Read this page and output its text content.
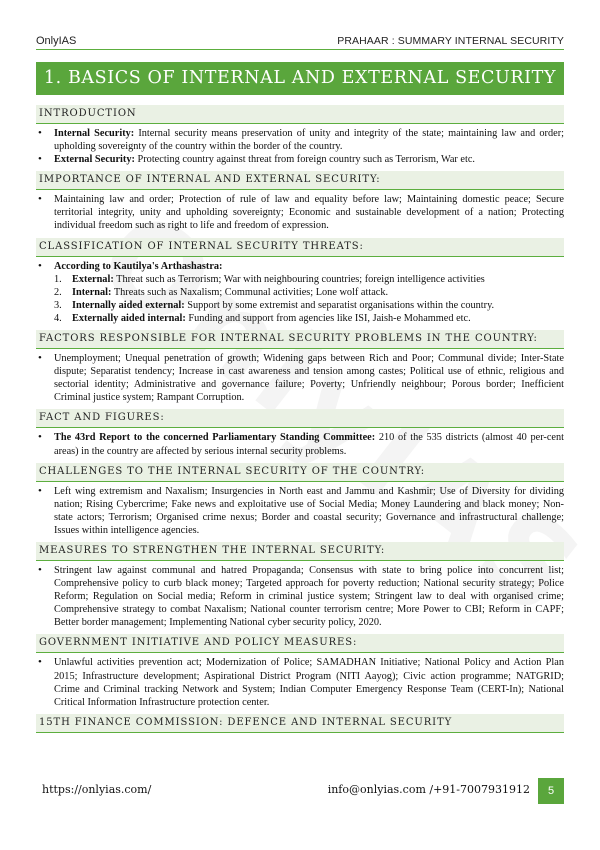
OnlyIAS	PRAHAAR : SUMMARY INTERNAL SECURITY
1. BASICS OF INTERNAL AND EXTERNAL SECURITY
INTRODUCTION
• Internal Security: Internal security means preservation of unity and integrity of the state; maintaining law and order; upholding sovereignty of the country within the border of the country.
• External Security: Protecting country against threat from foreign country such as Terrorism, War etc.
IMPORTANCE OF INTERNAL AND EXTERNAL SECURITY:
• Maintaining law and order; Protection of rule of law and equality before law; Maintaining domestic peace; Secure territorial integrity, unity and upholding sovereignty; Economic and sustainable development of a nation; Protecting individual freedom such as right to life and freedom of expression.
CLASSIFICATION OF INTERNAL SECURITY THREATS:
• According to Kautilya's Arthashastra:
1. External: Threat such as Terrorism; War with neighbouring countries; foreign intelligence activities
2. Internal: Threats such as Naxalism; Communal activities; Lone wolf attack.
3. Internally aided external: Support by some extremist and separatist organisations within the country.
4. Externally aided internal: Funding and support from agencies like ISI, Jaish-e Mohammed etc.
FACTORS RESPONSIBLE FOR INTERNAL SECURITY PROBLEMS IN THE COUNTRY:
• Unemployment; Unequal penetration of growth; Widening gaps between Rich and Poor; Communal divide; Inter-State dispute; Separatist tendency; Increase in cast awareness and tension among castes; Political use of ethnic, religious and sectorial identity; Administrative and governance failure; Poverty; Unfriendly neighbour; Porous border; Inefficient Criminal justice system; Rampant Corruption.
FACT AND FIGURES:
• The 43rd Report to the concerned Parliamentary Standing Committee: 210 of the 535 districts (almost 40 per-cent areas) in the country are affected by serious internal security problems.
CHALLENGES TO THE INTERNAL SECURITY OF THE COUNTRY:
• Left wing extremism and Naxalism; Insurgencies in North east and Jammu and Kashmir; Use of Diversity for dividing nation; Rising Cybercrime; Fake news and exploitative use of Social Media; Money Laundering and black money; Non-state actors; Terrorism; Organised crime nexus; Border and coastal security; Governance and infrastructural challenge; Issues within intelligence agencies.
MEASURES TO STRENGTHEN THE INTERNAL SECURITY:
• Stringent law against communal and hatred Propaganda; Consensus with state to bring police into concurrent list; Comprehensive policy to curb black money; Targeted approach for poverty reduction; National security strategy; Police Reform; Regulation on Social media; Reform in criminal justice system; Stringent law to deal with organised crime; Comprehensive strategy to combat Naxalism; National counter terrorism centre; More Power to CBI; Reform in CAPF; Better border management; Implementing National cyber security policy, 2020.
GOVERNMENT INITIATIVE AND POLICY MEASURES:
• Unlawful activities prevention act; Modernization of Police; SAMADHAN Initiative; National Policy and Action Plan 2015; Infrastructure development; Aspirational District Program (NITI Aayog); Civic action programme; NATGRID; Crime and Criminal tracking Network and System; Indian Computer Emergency Response Team (CERT-In); National Critical Information Infrastructure protection center.
15TH FINANCE COMMISSION: DEFENCE AND INTERNAL SECURITY
https://onlyias.com/	info@onlyias.com /+91-7007931912	5
